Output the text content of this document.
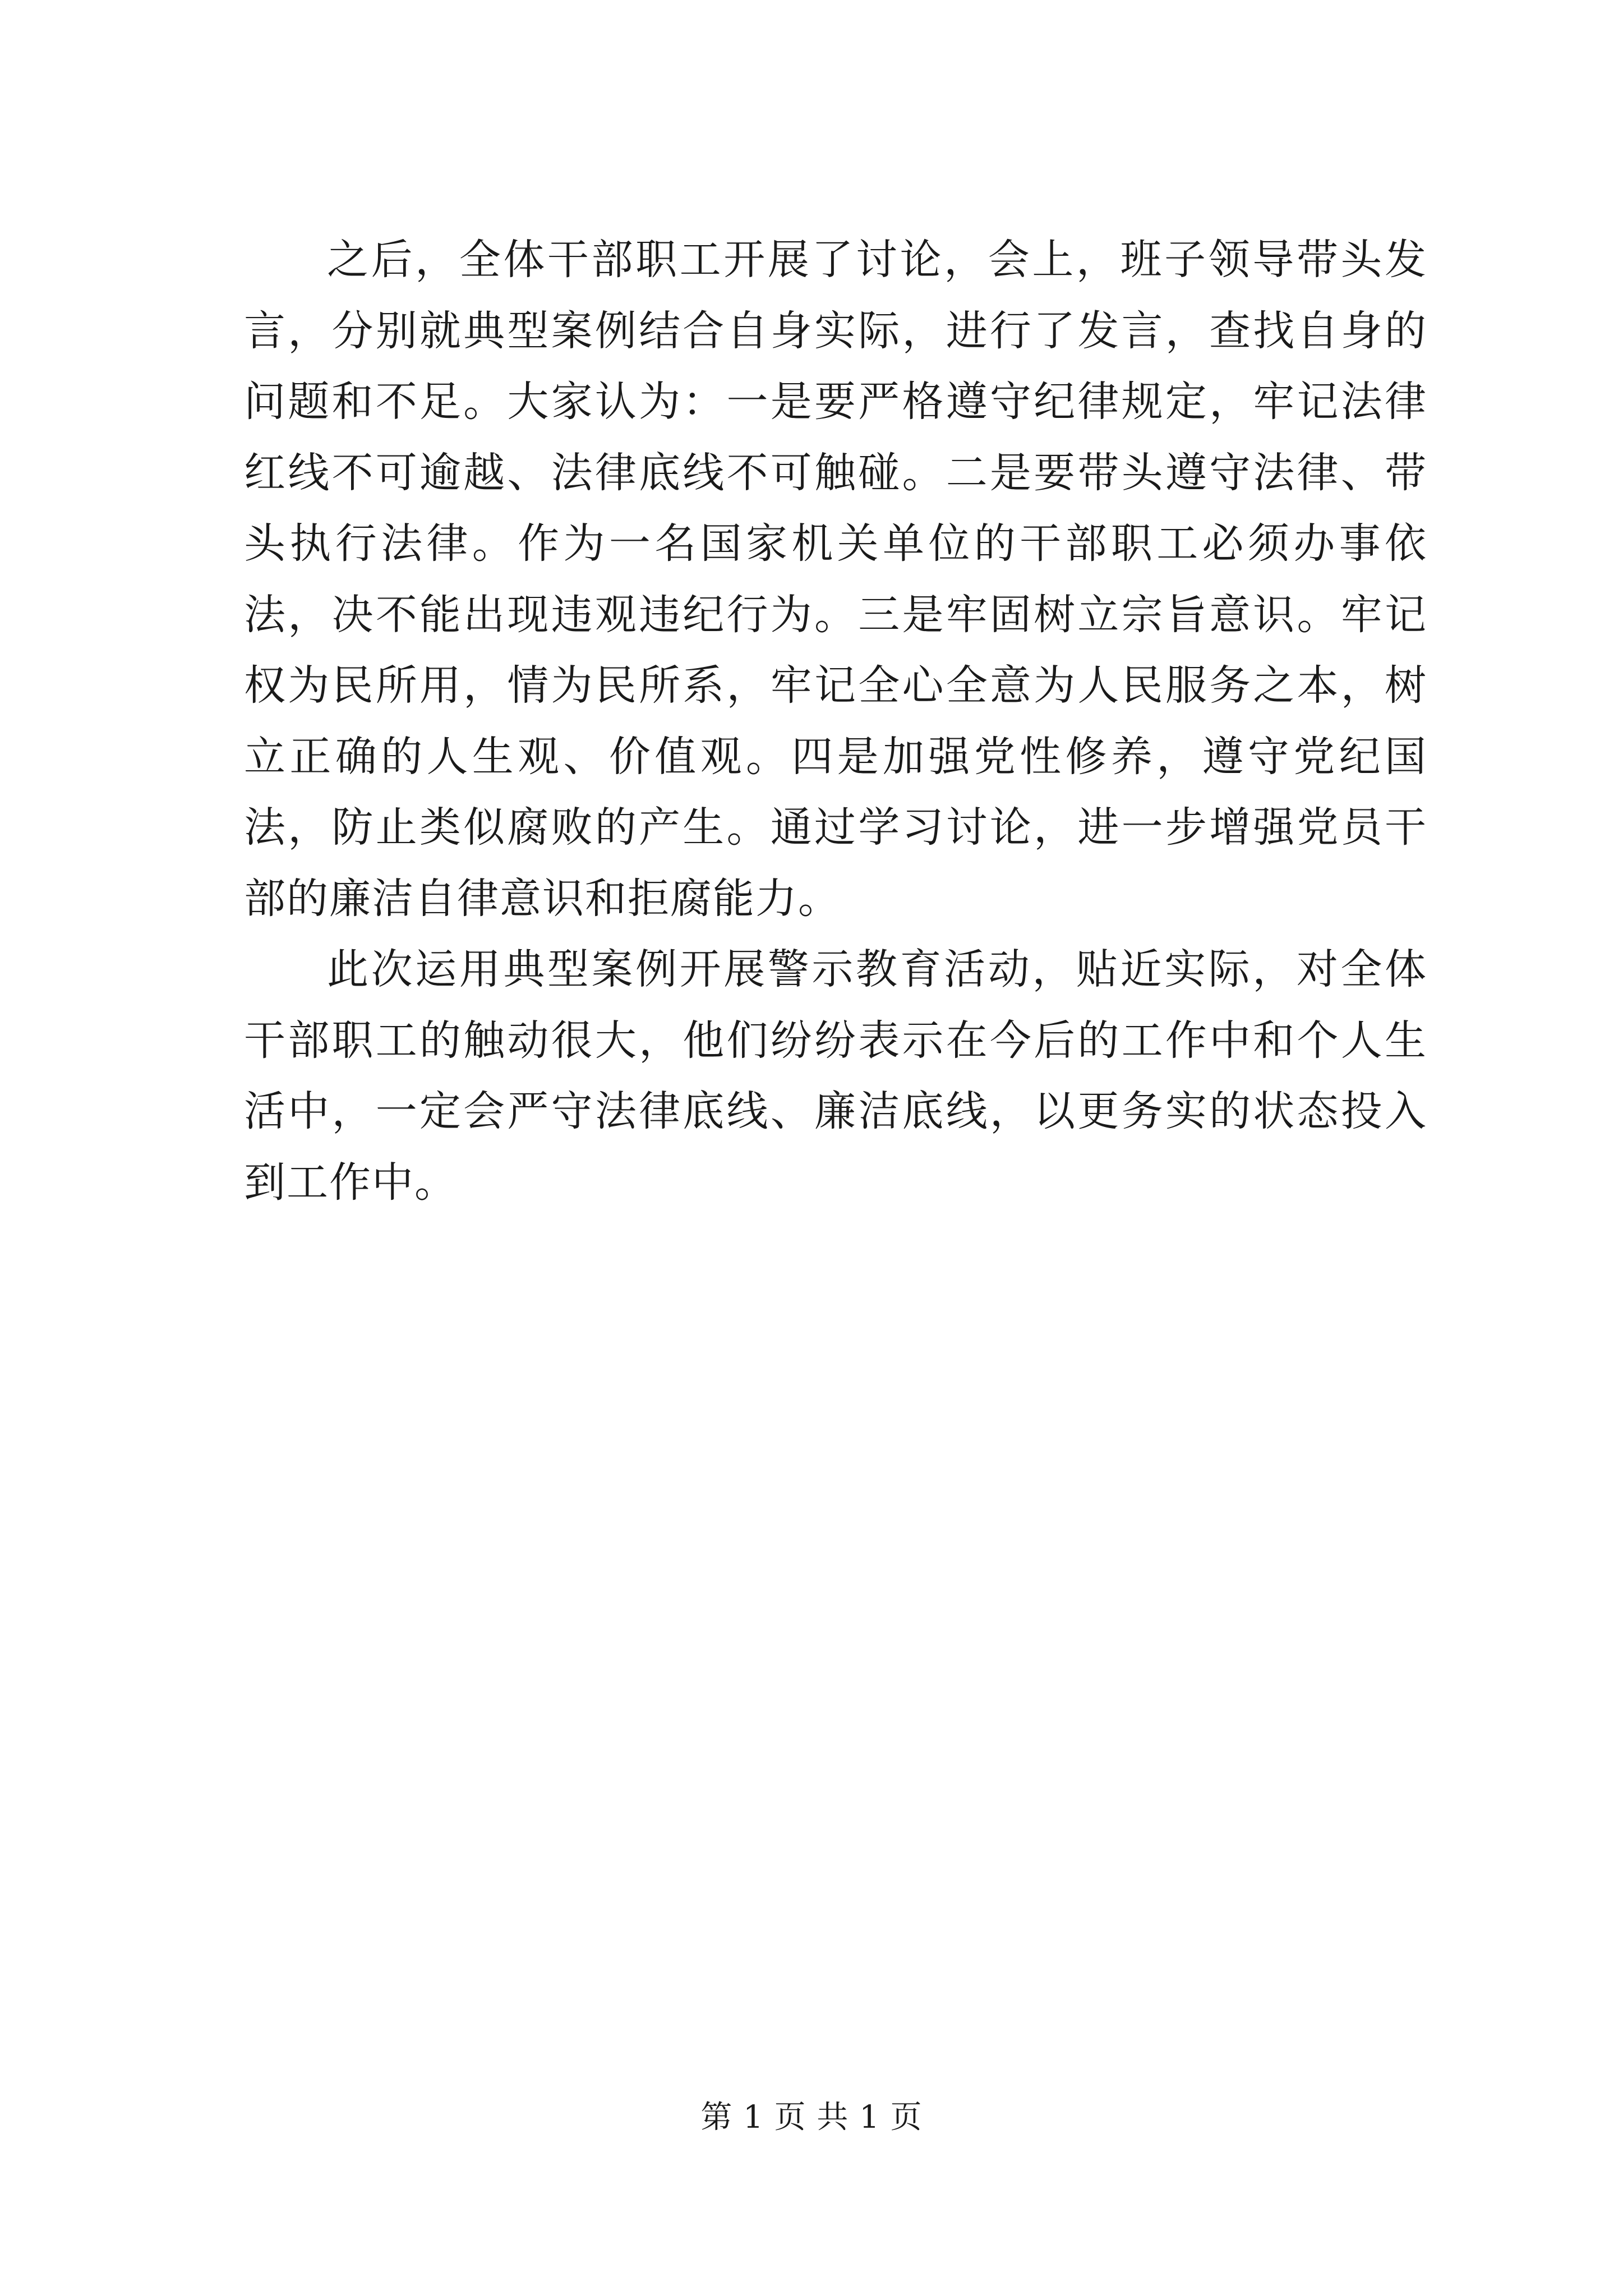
之后，全体干部职工开展了讨论，会上，班子领导带头发言，分别就典型案例结合自身实际，进行了发言，查找自身的问题和不足。大家认为：一是要严格遵守纪律规定，牢记法律红线不可逾越、法律底线不可触碰。二是要带头遵守法律、带头执行法律。作为一名国家机关单位的干部职工必须办事依法，决不能出现违观违纪行为。三是牢固树立宗旨意识。牢记权为民所用，情为民所系，牢记全心全意为人民服务之本，树立正确的人生观、价值观。四是加强党性修养，遵守党纪国法，防止类似腐败的产生。通过学习讨论，进一步增强党员干部的廉洁自律意识和拒腐能力。

此次运用典型案例开展警示教育活动，贴近实际，对全体干部职工的触动很大，他们纷纷表示在今后的工作中和个人生活中，一定会严守法律底线、廉洁底线，以更务实的状态投入到工作中。

第 1 页 共 1 页
